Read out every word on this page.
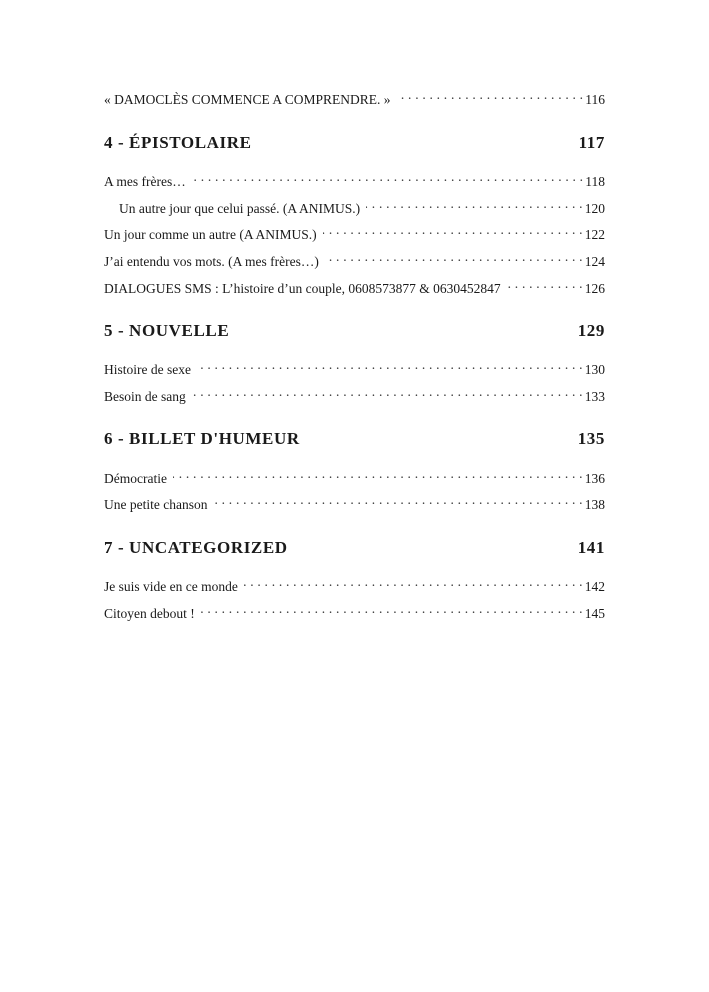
« DAMOCLÈS COMMENCE A COMPRENDRE. » . . .	116
4 - ÉPISTOLAIRE	117
A mes frères… . . .	118
Un autre jour que celui passé. (A ANIMUS.) . . .	120
Un jour comme un autre (A ANIMUS.) . . .	122
J’ai entendu vos mots. (A mes frères…) . . .	124
DIALOGUES SMS : L’histoire d’un couple, 0608573877 & 0630452847 . . .	126
5 - NOUVELLE	129
Histoire de sexe . . .	130
Besoin de sang . . .	133
6 - BILLET D'HUMEUR	135
Démocratie . . .	136
Une petite chanson . . .	138
7 - UNCATEGORIZED	141
Je suis vide en ce monde . . .	142
Citoyen debout ! . . .	145
